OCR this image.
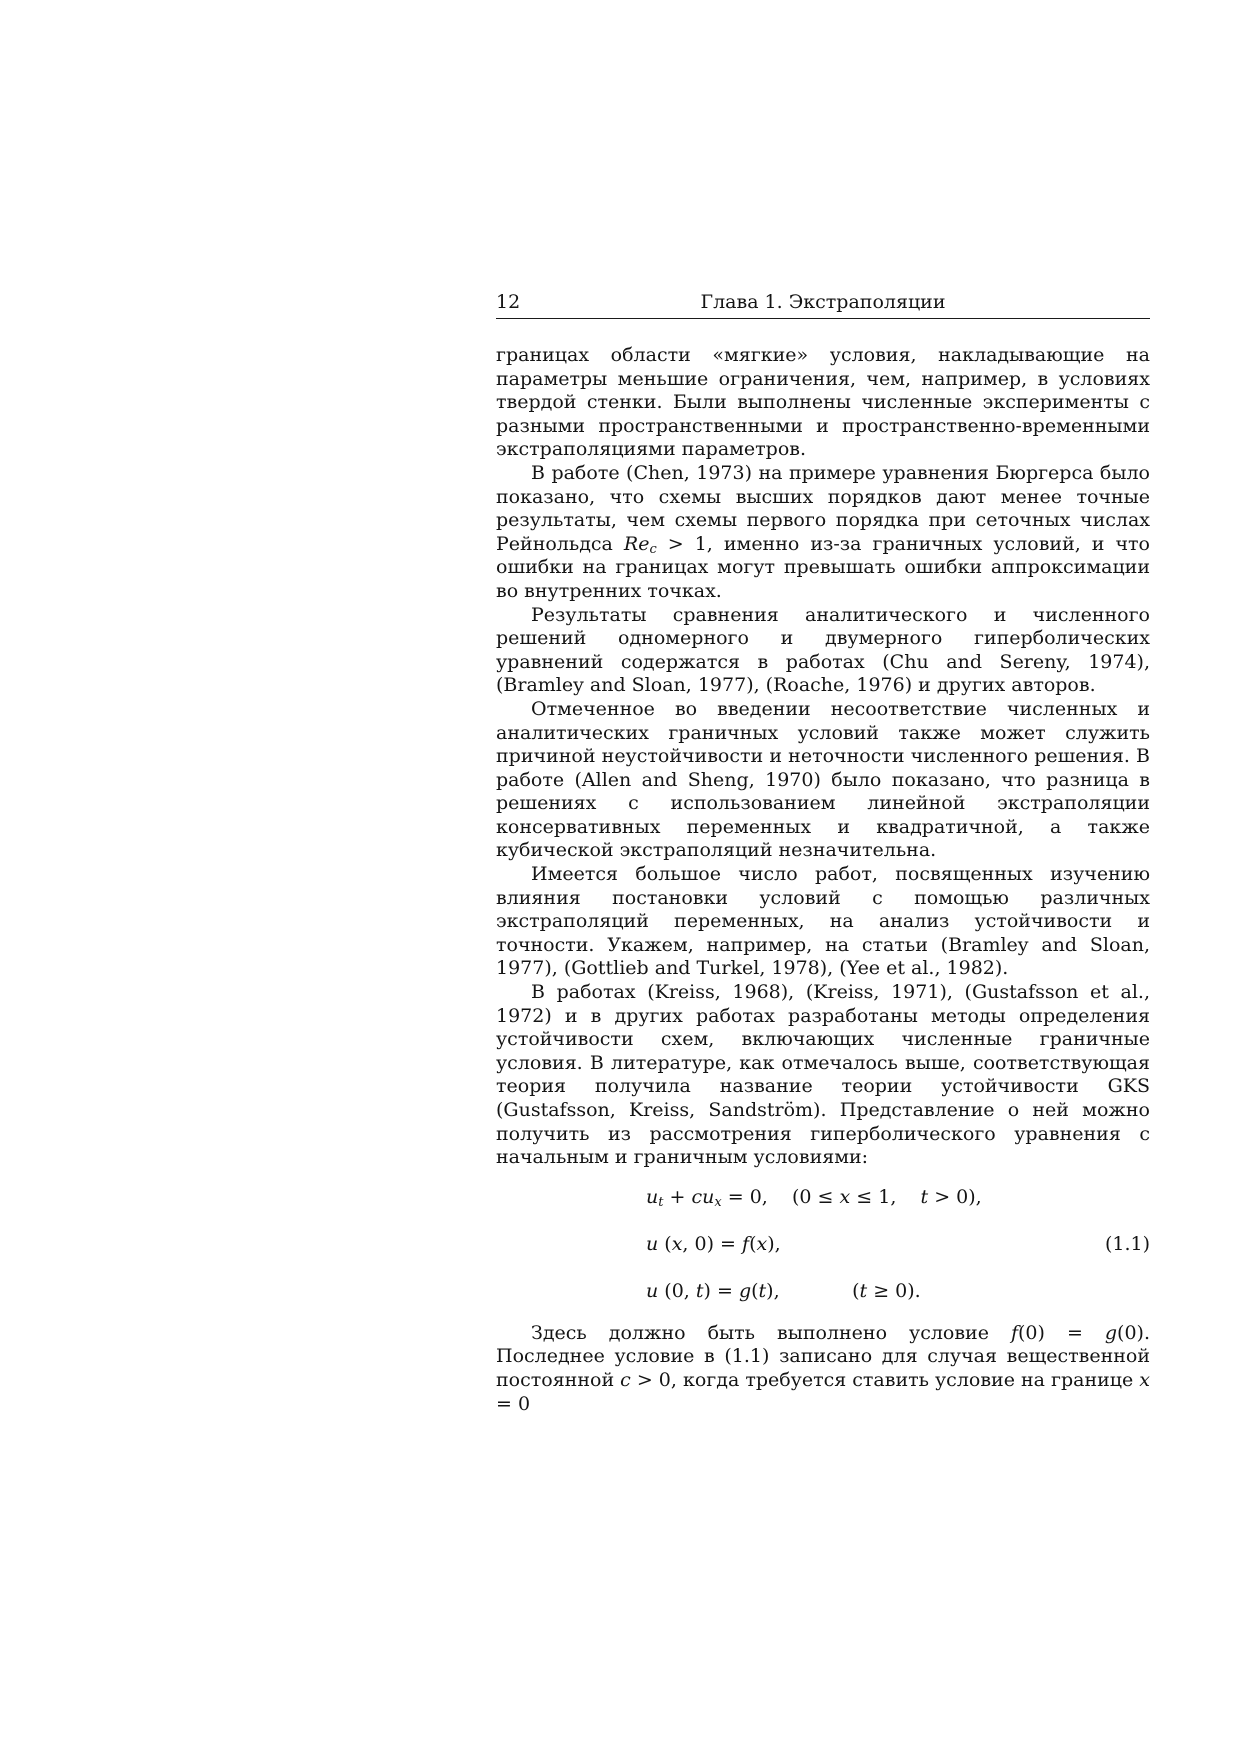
12	Глава 1. Экстраполяции

границах области «мягкие» условия, накладывающие на параметры меньшие ограничения, чем, например, в условиях твердой стенки. Были выполнены численные эксперименты с разными пространственными и пространственно-временными экстраполяциями параметров.

В работе (Chen, 1973) на примере уравнения Бюргерса было показано, что схемы высших порядков дают менее точные результаты, чем схемы первого порядка при сеточных числах Рейнольдса $Re_c > 1$, именно из-за граничных условий, и что ошибки на границах могут превышать ошибки аппроксимации во внутренних точках.

Результаты сравнения аналитического и численного решений одномерного и двумерного гиперболических уравнений содержатся в работах (Chu and Sereny, 1974), (Bramley and Sloan, 1977), (Roache, 1976) и других авторов.

Отмеченное во введении несоответствие численных и аналитических граничных условий также может служить причиной неустойчивости и неточности численного решения. В работе (Allen and Sheng, 1970) было показано, что разница в решениях с использованием линейной экстраполяции консервативных переменных и квадратичной, а также кубической экстраполяций незначительна.

Имеется большое число работ, посвященных изучению влияния постановки условий с помощью различных экстраполяций переменных, на анализ устойчивости и точности. Укажем, например, на статьи (Bramley and Sloan, 1977), (Gottlieb and Turkel, 1978), (Yee et al., 1982).

В работах (Kreiss, 1968), (Kreiss, 1971), (Gustafsson et al., 1972) и в других работах разработаны методы определения устойчивости схем, включающих численные граничные условия. В литературе, как отмечалось выше, соответствующая теория получила название теории устойчивости GKS (Gustafsson, Kreiss, Sandström). Представление о ней можно получить из рассмотрения гиперболического уравнения с начальным и граничным условиями:

$u_t + cu_x = 0$,    (0 ≤ x ≤ 1,    t > 0),
u (x, 0) = f(x),
u (0, t) = g(t),            (t ≥ 0).
(1.1)

Здесь должно быть выполнено условие f(0) = g(0). Последнее условие в (1.1) записано для случая вещественной постоянной c > 0, когда требуется ставить условие на границе x = 0
